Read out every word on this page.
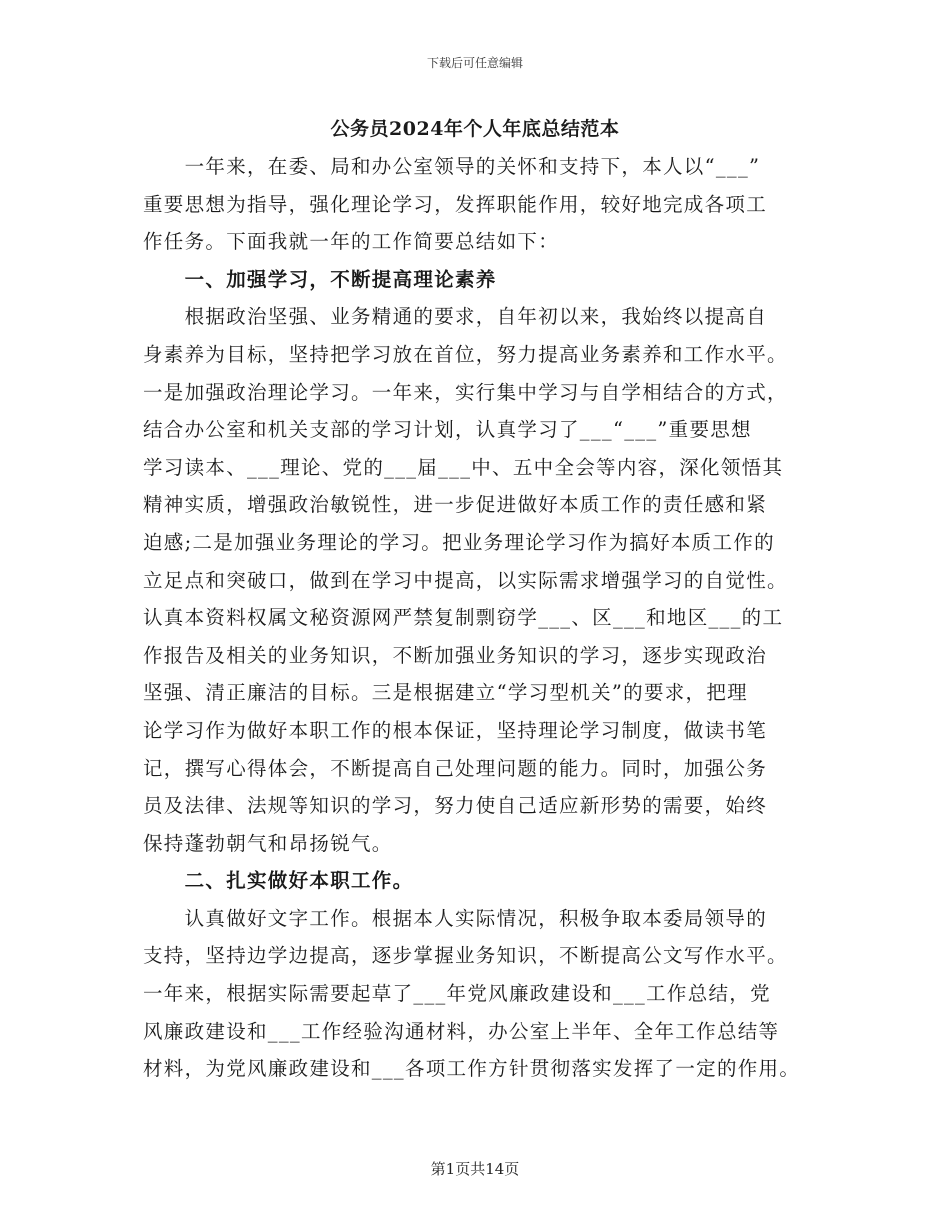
下载后可任意编辑
公务员2024年个人年底总结范本
　　一年来，在委、局和办公室领导的关怀和支持下，本人以“___”
重要思想为指导，强化理论学习，发挥职能作用，较好地完成各项工
作任务。下面我就一年的工作简要总结如下：
　　一、加强学习，不断提高理论素养
　　根据政治坚强、业务精通的要求，自年初以来，我始终以提高自
身素养为目标，坚持把学习放在首位，努力提高业务素养和工作水平。
一是加强政治理论学习。一年来，实行集中学习与自学相结合的方式，
结合办公室和机关支部的学习计划，认真学习了___“___”重要思想
学习读本、___理论、党的___届___中、五中全会等内容，深化领悟其
精神实质，增强政治敏锐性，进一步促进做好本质工作的责任感和紧
迫感;二是加强业务理论的学习。把业务理论学习作为搞好本质工作的
立足点和突破口，做到在学习中提高，以实际需求增强学习的自觉性。
认真本资料权属文秘资源网严禁复制剽窃学___、区___和地区___的工
作报告及相关的业务知识，不断加强业务知识的学习，逐步实现政治
坚强、清正廉洁的目标。三是根据建立“学习型机关”的要求，把理
论学习作为做好本职工作的根本保证，坚持理论学习制度，做读书笔
记，撰写心得体会，不断提高自己处理问题的能力。同时，加强公务
员及法律、法规等知识的学习，努力使自己适应新形势的需要，始终
保持蓬勃朝气和昂扬锐气。
　　二、扎实做好本职工作。
　　认真做好文字工作。根据本人实际情况，积极争取本委局领导的
支持，坚持边学边提高，逐步掌握业务知识，不断提高公文写作水平。
一年来，根据实际需要起草了___年党风廉政建设和___工作总结，党
风廉政建设和___工作经验沟通材料，办公室上半年、全年工作总结等
材料，为党风廉政建设和___各项工作方针贯彻落实发挥了一定的作用。
第1页共14页
